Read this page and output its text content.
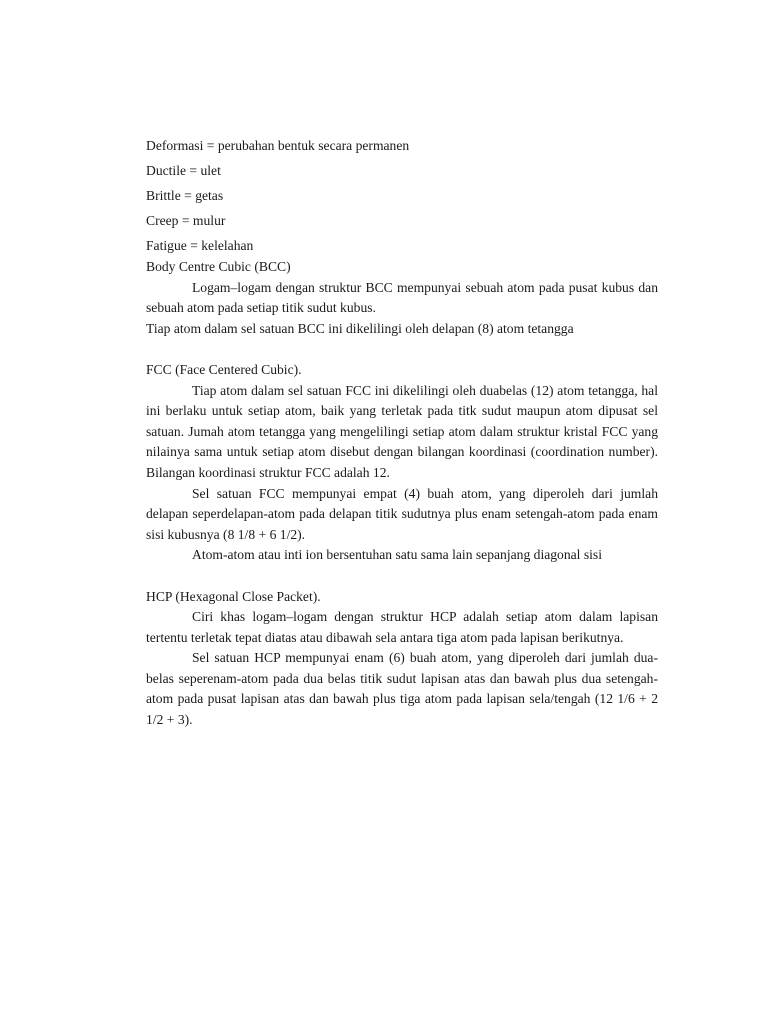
Deformasi = perubahan bentuk secara permanen

Ductile = ulet

Brittle = getas

Creep = mulur

Fatigue = kelelahan

Body Centre Cubic (BCC)

Logam–logam dengan struktur BCC mempunyai sebuah atom pada pusat kubus dan sebuah atom pada setiap titik sudut kubus.

Tiap atom dalam sel satuan BCC ini dikelilingi oleh delapan (8) atom tetangga

FCC (Face Centered Cubic).

Tiap atom dalam sel satuan FCC ini dikelilingi oleh duabelas (12) atom tetangga, hal ini berlaku untuk setiap atom, baik yang terletak pada titk sudut maupun atom dipusat sel satuan. Jumah atom tetangga yang mengelilingi setiap atom dalam struktur kristal FCC yang nilainya sama untuk setiap atom disebut dengan bilangan koordinasi (coordination number). Bilangan koordinasi struktur FCC adalah 12.

Sel satuan FCC mempunyai empat (4) buah atom, yang diperoleh dari jumlah delapan seperdelapan-atom pada delapan titik sudutnya plus enam setengah-atom pada enam sisi kubusnya (8 1/8 + 6 1/2).

Atom-atom atau inti ion bersentuhan satu sama lain sepanjang diagonal sisi

HCP (Hexagonal Close Packet).

Ciri khas logam–logam dengan struktur HCP adalah setiap atom dalam lapisan tertentu terletak tepat diatas atau dibawah sela antara tiga atom pada lapisan berikutnya.

Sel satuan HCP mempunyai enam (6) buah atom, yang diperoleh dari jumlah dua-belas seperenam-atom pada dua belas titik sudut lapisan atas dan bawah plus dua setengah-atom pada pusat lapisan atas dan bawah plus tiga atom pada lapisan sela/tengah (12 1/6 + 2 1/2 + 3).
